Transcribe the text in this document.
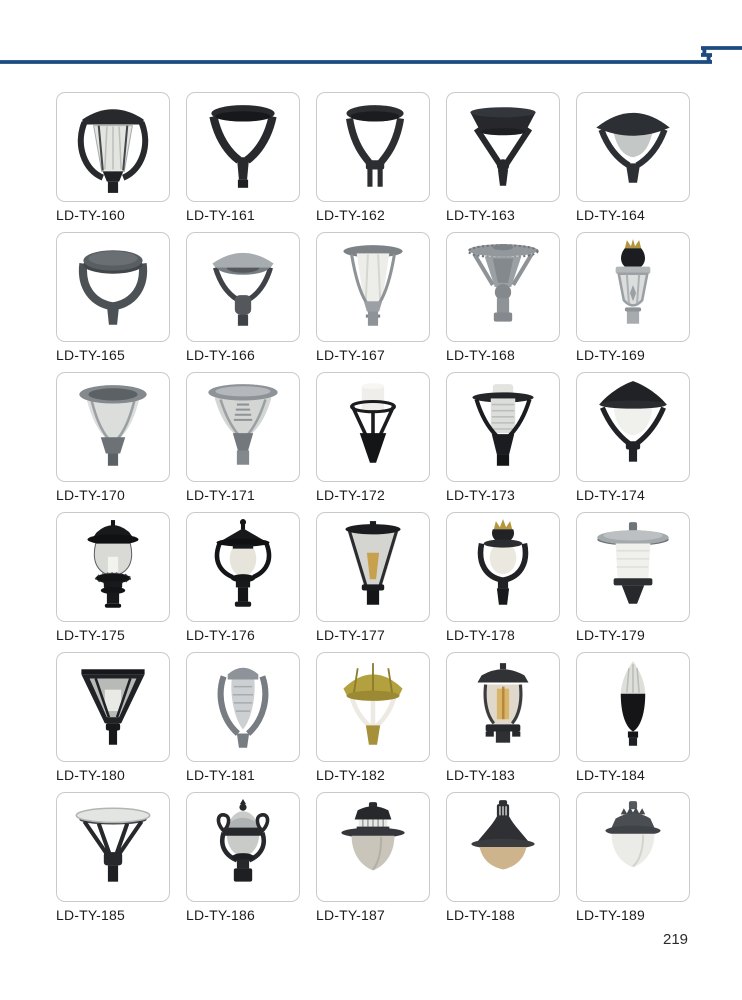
LD-TY-160	LD-TY-161	LD-TY-162	LD-TY-163	LD-TY-164
LD-TY-165	LD-TY-166	LD-TY-167	LD-TY-168	LD-TY-169
LD-TY-170	LD-TY-171	LD-TY-172	LD-TY-173	LD-TY-174
LD-TY-175	LD-TY-176	LD-TY-177	LD-TY-178	LD-TY-179
LD-TY-180	LD-TY-181	LD-TY-182	LD-TY-183	LD-TY-184
LD-TY-185	LD-TY-186	LD-TY-187	LD-TY-188	LD-TY-189
219
